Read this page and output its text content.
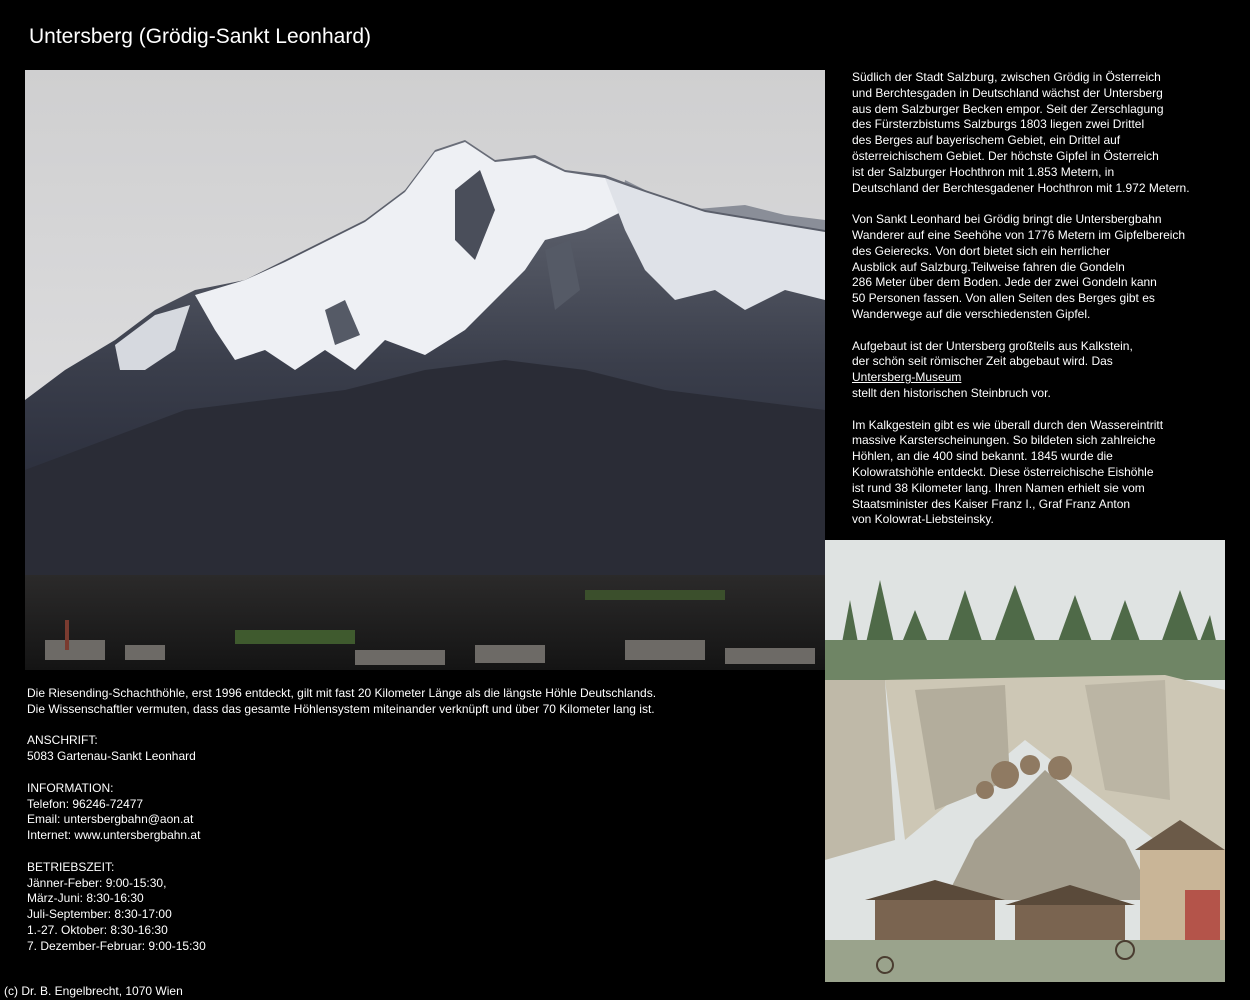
Untersberg (Grödig-Sankt Leonhard)

Südlich der Stadt Salzburg, zwischen Grödig in Österreich
und Berchtesgaden in Deutschland wächst der Untersberg
aus dem Salzburger Becken empor. Seit der Zerschlagung
des Fürsterzbistums Salzburgs 1803 liegen zwei Drittel
des Berges auf bayerischem Gebiet, ein Drittel auf
österreichischem Gebiet. Der höchste Gipfel in Österreich
ist der Salzburger Hochthron mit 1.853 Metern, in
Deutschland der Berchtesgadener Hochthron mit 1.972 Metern.

Von Sankt Leonhard bei Grödig bringt die Untersbergbahn
Wanderer auf eine Seehöhe von 1776 Metern im Gipfelbereich
des Geierecks. Von dort bietet sich ein herrlicher
Ausblick auf Salzburg.Teilweise fahren die Gondeln
286 Meter über dem Boden. Jede der zwei Gondeln kann
50 Personen fassen. Von allen Seiten des Berges gibt es
Wanderwege auf die verschiedensten Gipfel.

Aufgebaut ist der Untersberg großteils aus Kalkstein,
der schön seit römischer Zeit abgebaut wird. Das
Untersberg-Museum
stellt den historischen Steinbruch vor.

Im Kalkgestein gibt es wie überall durch den Wassereintritt
massive Karsterscheinungen. So bildeten sich zahlreiche
Höhlen, an die 400 sind bekannt. 1845 wurde die
Kolowratshöhle entdeckt. Diese österreichische Eishöhle
ist rund 38 Kilometer lang. Ihren Namen erhielt sie vom
Staatsminister des Kaiser Franz I., Graf Franz Anton
von Kolowrat-Liebsteinsky.

Die Riesending-Schachthöhle, erst 1996 entdeckt, gilt mit fast 20 Kilometer Länge als die längste Höhle Deutschlands.
Die Wissenschaftler vermuten, dass das gesamte Höhlensystem miteinander verknüpft und über 70 Kilometer lang ist.
ANSCHRIFT:
5083 Gartenau-Sankt Leonhard
INFORMATION:
Telefon: 96246-72477
Email: untersbergbahn@aon.at
Internet: www.untersbergbahn.at
BETRIEBSZEIT:
Jänner-Feber: 9:00-15:30,
März-Juni: 8:30-16:30
Juli-September: 8:30-17:00
1.-27. Oktober: 8:30-16:30
7. Dezember-Februar: 9:00-15:30
(c) Dr. B. Engelbrecht, 1070 Wien
